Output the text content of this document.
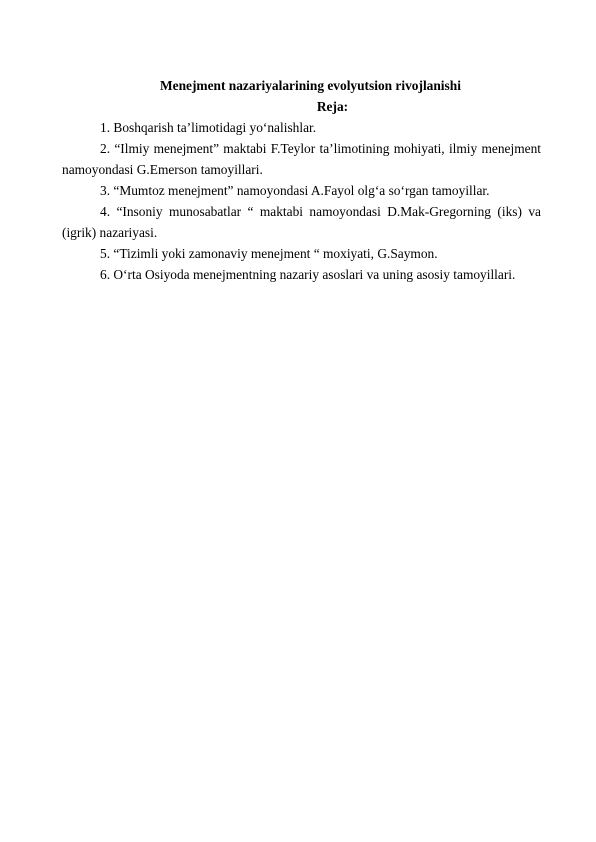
Menejment nazariyalarining evolyutsion rivojlanishi
Reja:
1. Boshqarish ta’limotidagi yo‘nalishlar.
2. “Ilmiy menejment” maktabi F.Teylor ta’limotining mohiyati, ilmiy menejment namoyondasi G.Emerson tamoyillari.
3. “Mumtoz menejment” namoyondasi A.Fayol olg‘a so‘rgan tamoyillar.
4. “Insoniy munosabatlar “ maktabi namoyondasi D.Mak-Gregorning (iks) va (igrik) nazariyasi.
5. “Tizimli yoki zamonaviy menejment “ moxiyati, G.Saymon.
6. O‘rta Osiyoda menejmentning nazariy asoslari va uning asosiy tamoyillari.
